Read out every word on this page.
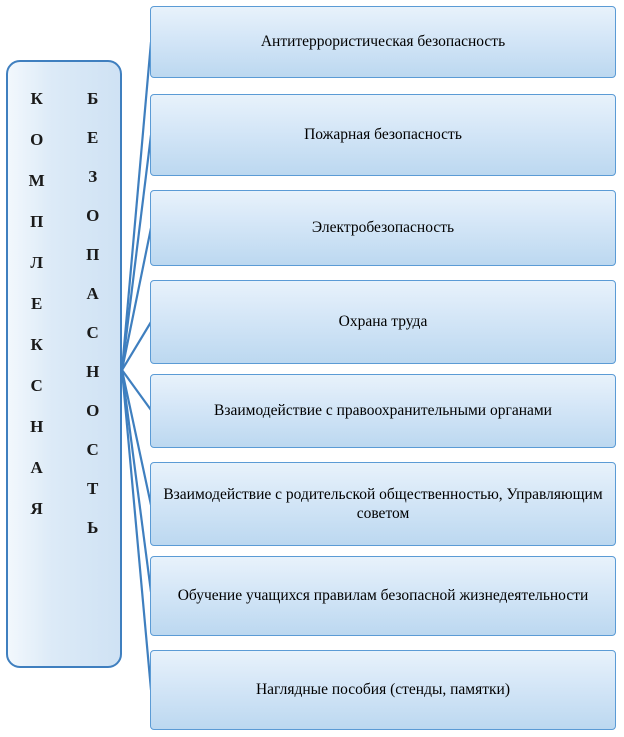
К
О
М
П
Л
Е
К
С
Н
А
Я
Б
Е
З
О
П
А
С
Н
О
С
Т
Ь
Антитеррористическая безопасность
Пожарная безопасность
Электробезопасность
Охрана труда
Взаимодействие с правоохранительными органами
Взаимодействие с родительской общественностью, Управляющим советом
Обучение учащихся правилам безопасной жизнедеятельности
Наглядные пособия (стенды, памятки)
